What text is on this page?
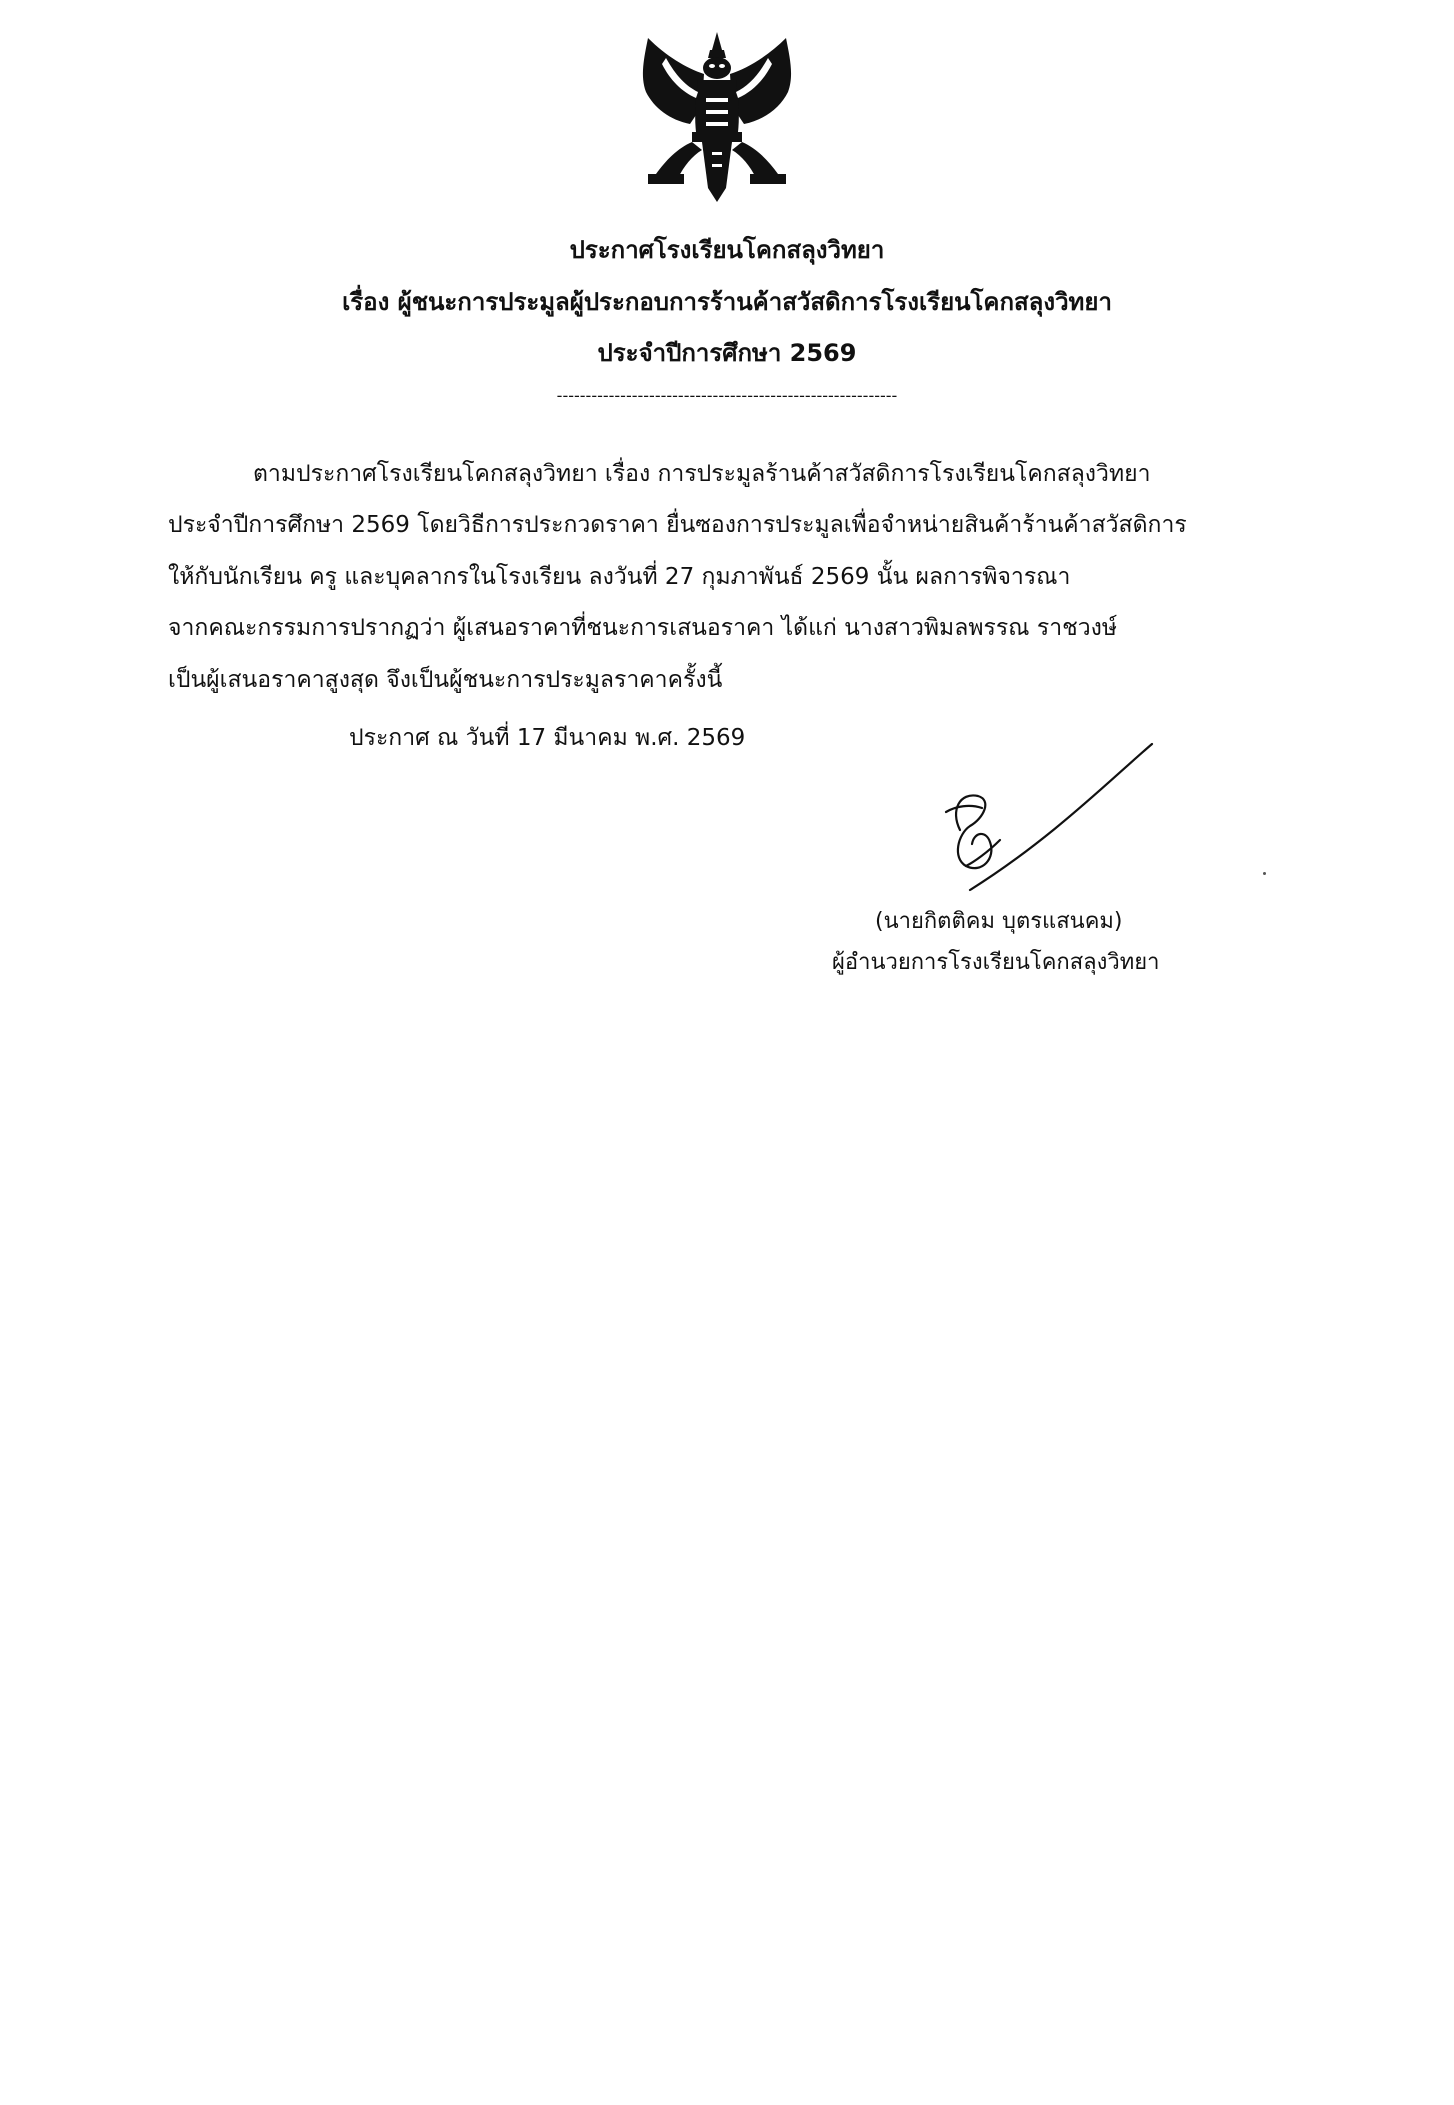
ประกาศโรงเรียนโคกสลุงวิทยา
เรื่อง ผู้ชนะการประมูลผู้ประกอบการร้านค้าสวัสดิการโรงเรียนโคกสลุงวิทยา
ประจำปีการศึกษา 2569
-----------------------------------------------------------
ตามประกาศโรงเรียนโคกสลุงวิทยา เรื่อง การประมูลร้านค้าสวัสดิการโรงเรียนโคกสลุงวิทยา
ประจำปีการศึกษา 2569 โดยวิธีการประกวดราคา ยื่นซองการประมูลเพื่อจำหน่ายสินค้าร้านค้าสวัสดิการ
ให้กับนักเรียน ครู และบุคลากรในโรงเรียน ลงวันที่ 27 กุมภาพันธ์ 2569 นั้น ผลการพิจารณา
จากคณะกรรมการปรากฏว่า ผู้เสนอราคาที่ชนะการเสนอราคา ได้แก่ นางสาวพิมลพรรณ ราชวงษ์
เป็นผู้เสนอราคาสูงสุด จึงเป็นผู้ชนะการประมูลราคาครั้งนี้
ประกาศ ณ วันที่ 17 มีนาคม พ.ศ. 2569
(นายกิตติคม บุตรแสนคม)
ผู้อำนวยการโรงเรียนโคกสลุงวิทยา
